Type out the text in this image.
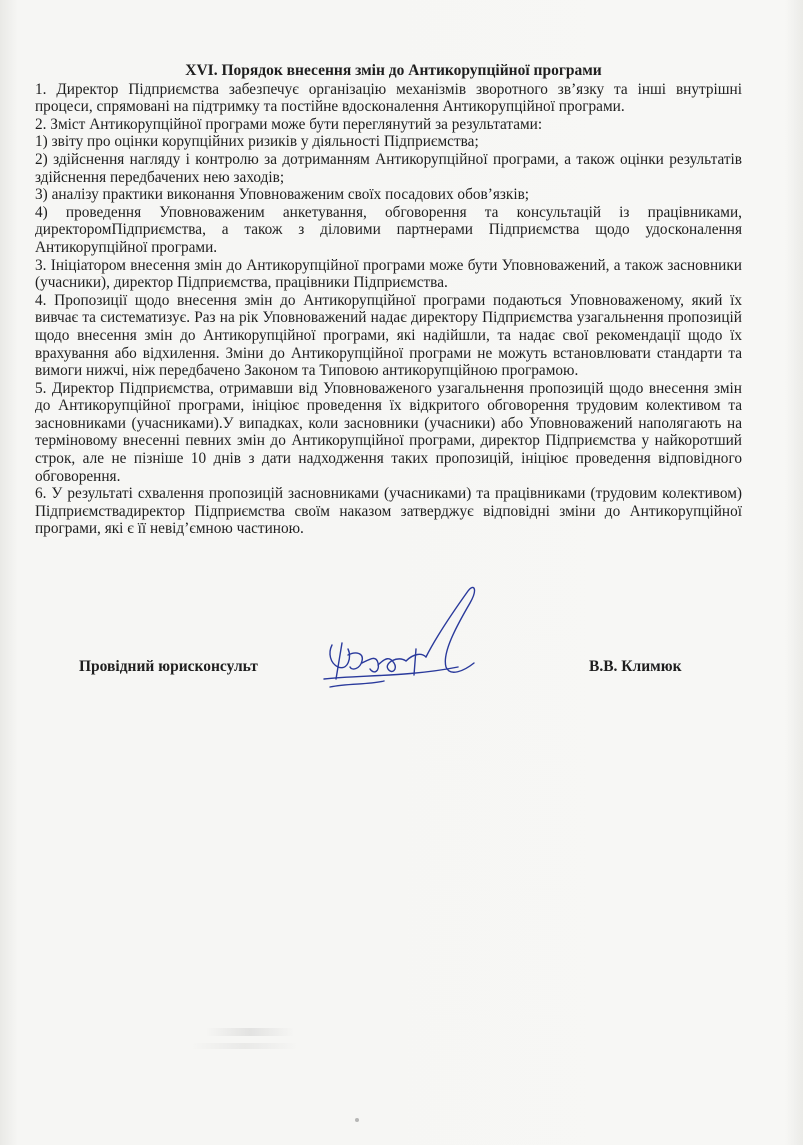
XVI. Порядок внесення змін до Антикорупційної програми

1. Директор Підприємства забезпечує організацію механізмів зворотного зв’язку та інші внутрішні процеси, спрямовані на підтримку та постійне вдосконалення Антикорупційної програми.

2. Зміст Антикорупційної програми може бути переглянутий за результатами:

1) звіту про оцінки корупційних ризиків у діяльності Підприємства;

2) здійснення нагляду і контролю за дотриманням Антикорупційної програми, а також оцінки результатів здійснення передбачених нею заходів;

3) аналізу практики виконання Уповноваженим своїх посадових обов’язків;

4) проведення Уповноваженим анкетування, обговорення та консультацій із працівниками, директоромПідприємства, а також з діловими партнерами Підприємства щодо удосконалення Антикорупційної програми.

3. Ініціатором внесення змін до Антикорупційної програми може бути Уповноважений, а також засновники (учасники), директор Підприємства, працівники Підприємства.

4. Пропозиції щодо внесення змін до Антикорупційної програми подаються Уповноваженому, який їх вивчає та систематизує. Раз на рік Уповноважений надає директору Підприємства узагальнення пропозицій щодо внесення змін до Антикорупційної програми, які надійшли, та надає свої рекомендації щодо їх врахування або відхилення. Зміни до Антикорупційної програми не можуть встановлювати стандарти та вимоги нижчі, ніж передбачено Законом та Типовою антикорупційною програмою.

5. Директор Підприємства, отримавши від Уповноваженого узагальнення пропозицій щодо внесення змін до Антикорупційної програми, ініціює проведення їх відкритого обговорення трудовим колективом та засновниками (учасниками).У випадках, коли засновники (учасники) або Уповноважений наполягають на терміновому внесенні певних змін до Антикорупційної програми, директор Підприємства у найкоротший строк, але не пізніше 10 днів з дати надходження таких пропозицій, ініціює проведення відповідного обговорення.

6. У результаті схвалення пропозицій засновниками (учасниками) та працівниками (трудовим колективом) Підприємствадиректор Підприємства своїм наказом затверджує відповідні зміни до Антикорупційної програми, які є її невід’ємною частиною.

Провідний юрисконсульт	В.В. Климюк
